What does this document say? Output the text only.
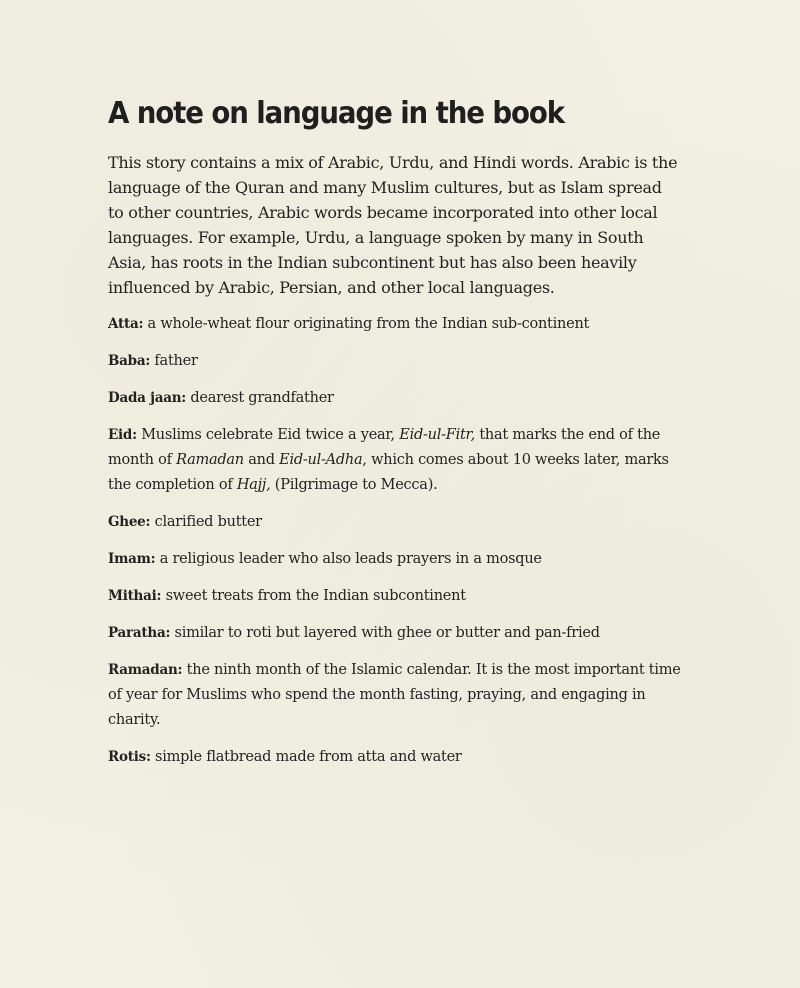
A note on language in the book

This story contains a mix of Arabic, Urdu, and Hindi words. Arabic is the language of the Quran and many Muslim cultures, but as Islam spread to other countries, Arabic words became incorporated into other local languages. For example, Urdu, a language spoken by many in South Asia, has roots in the Indian subcontinent but has also been heavily influenced by Arabic, Persian, and other local languages.

Atta: a whole-wheat flour originating from the Indian sub-continent
Baba: father
Dada jaan: dearest grandfather
Eid: Muslims celebrate Eid twice a year, Eid-ul-Fitr, that marks the end of the month of Ramadan and Eid-ul-Adha, which comes about 10 weeks later, marks the completion of Hajj, (Pilgrimage to Mecca).
Ghee: clarified butter
Imam: a religious leader who also leads prayers in a mosque
Mithai: sweet treats from the Indian subcontinent
Paratha: similar to roti but layered with ghee or butter and pan-fried
Ramadan: the ninth month of the Islamic calendar. It is the most important time of year for Muslims who spend the month fasting, praying, and engaging in charity.
Rotis: simple flatbread made from atta and water
